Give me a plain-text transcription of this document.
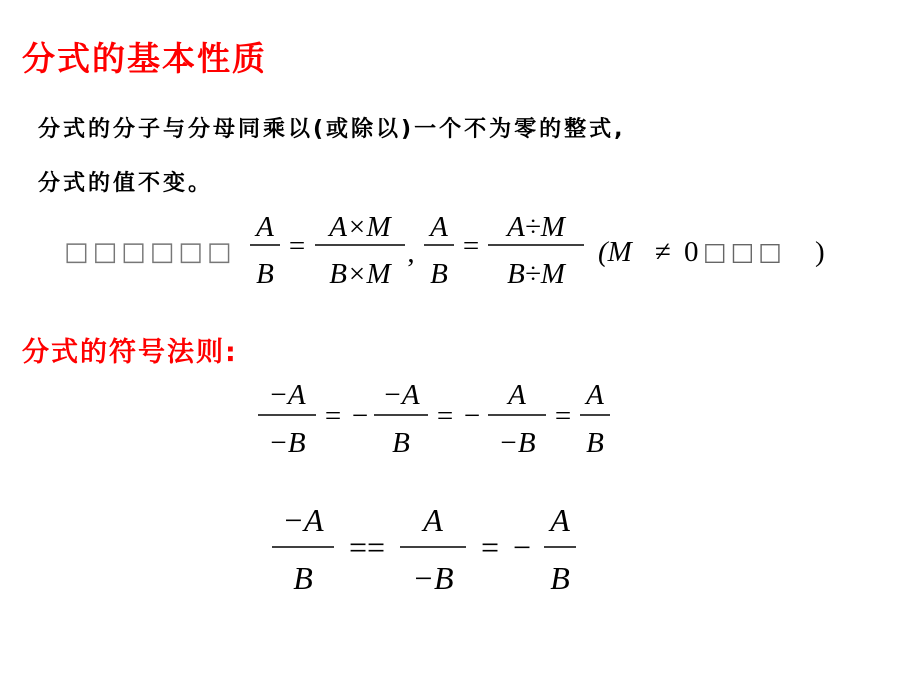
分式的基本性质

分式的分子与分母同乘以(或除以)一个不为零的整式,

分式的值不变。

□□□□□□
A
B
=
A×M
B×M
,
A
B
=
A÷M
B÷M
(M ≠ 0 □□□ )
分式的符号法则:
−A
−B
= −
−A
B
= −
A
−B
=
A
B
−A
B
==
A
−B
= −
A
B
